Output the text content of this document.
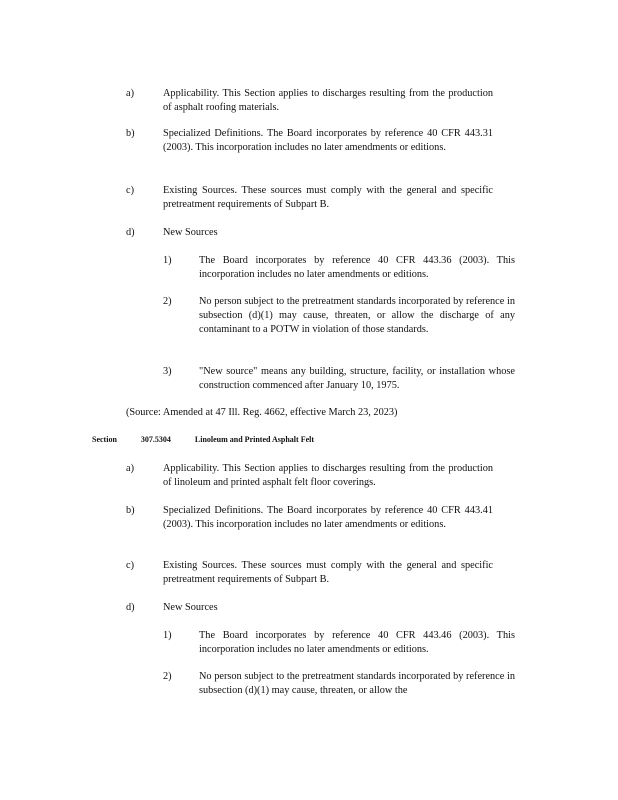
a)	Applicability. This Section applies to discharges resulting from the production of asphalt roofing materials.
b)	Specialized Definitions. The Board incorporates by reference 40 CFR 443.31 (2003). This incorporation includes no later amendments or editions.
c)	Existing Sources. These sources must comply with the general and specific pretreatment requirements of Subpart B.
d)	New Sources
1)	The Board incorporates by reference 40 CFR 443.36 (2003). This incorporation includes no later amendments or editions.
2)	No person subject to the pretreatment standards incorporated by reference in subsection (d)(1) may cause, threaten, or allow the discharge of any contaminant to a POTW in violation of those standards.
3)	"New source" means any building, structure, facility, or installation whose construction commenced after January 10, 1975.
(Source: Amended at 47 Ill. Reg. 4662, effective March 23, 2023)
Section	307.5304	Linoleum and Printed Asphalt Felt
a)	Applicability. This Section applies to discharges resulting from the production of linoleum and printed asphalt felt floor coverings.
b)	Specialized Definitions. The Board incorporates by reference 40 CFR 443.41 (2003). This incorporation includes no later amendments or editions.
c)	Existing Sources. These sources must comply with the general and specific pretreatment requirements of Subpart B.
d)	New Sources
1)	The Board incorporates by reference 40 CFR 443.46 (2003). This incorporation includes no later amendments or editions.
2)	No person subject to the pretreatment standards incorporated by reference in subsection (d)(1) may cause, threaten, or allow the
